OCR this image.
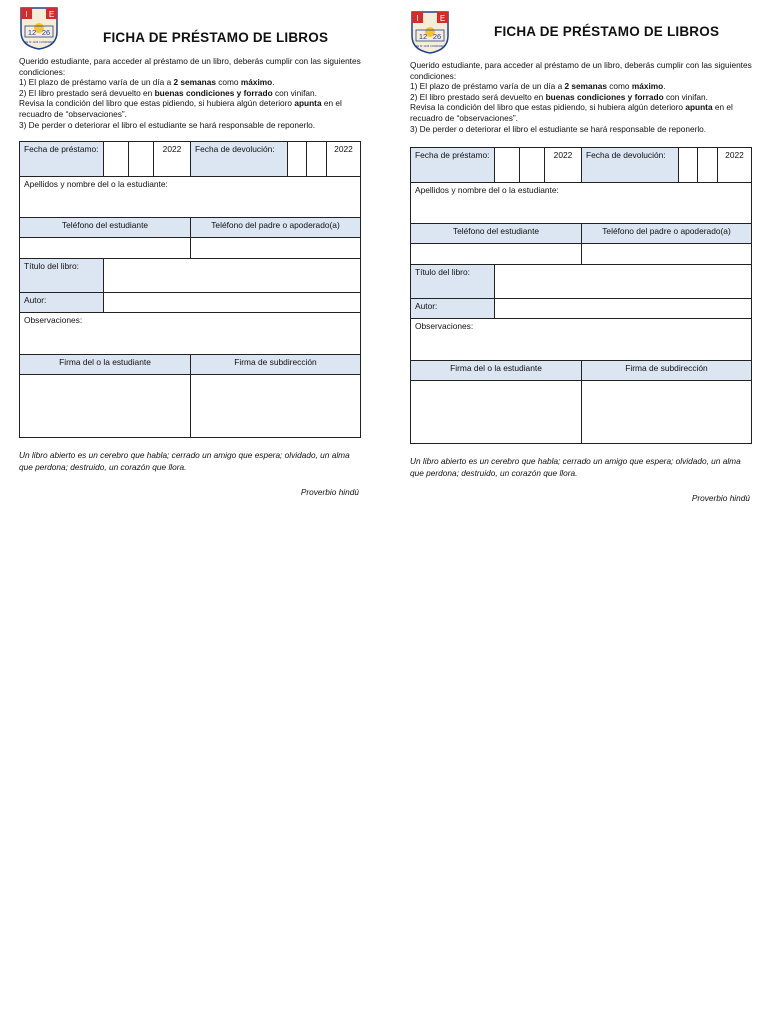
I	E
12 26
IEE Nº 1226 CONDORES	FICHA DE PRÉSTAMO DE LIBROS

Querido estudiante, para acceder al préstamo de un libro, deberás cumplir con las siguientes condiciones:

1) El plazo de préstamo varía de un día a 2 semanas como máximo.

2) El libro prestado será devuelto en buenas condiciones y forrado con vinifan.

Revisa la condición del libro que estas pidiendo, si hubiera algún deterioro apunta en el recuadro de “observaciones”.

3) De perder o deteriorar el libro el estudiante se hará responsable de reponerlo.

Fecha de préstamo:			2022	Fecha de devolución:			2022
Apellidos y nombre del o la estudiante:							
Teléfono del estudiante				Teléfono del padre o apoderado(a)			

Título del libro:							
Autor:							
Observaciones:							
Firma del o la estudiante				Firma de subdirección			

Un libro abierto es un cerebro que habla; cerrado un amigo que espera; olvidado, un alma que perdona; destruido, un corazón que llora.
Proverbio hindú
I	E
12 26
IEE Nº 1226 CONDORES
FICHA DE PRÉSTAMO DE LIBROS

Querido estudiante, para acceder al préstamo de un libro, deberás cumplir con las siguientes condiciones:

1) El plazo de préstamo varía de un día a 2 semanas como máximo.

2) El libro prestado será devuelto en buenas condiciones y forrado con vinifan.

Revisa la condición del libro que estas pidiendo, si hubiera algún deterioro apunta en el recuadro de “observaciones”.

3) De perder o deteriorar el libro el estudiante se hará responsable de reponerlo.

Fecha de préstamo:			2022	Fecha de devolución:			2022
Apellidos y nombre del o la estudiante:							
Teléfono del estudiante				Teléfono del padre o apoderado(a)			

Título del libro:							
Autor:							
Observaciones:							
Firma del o la estudiante				Firma de subdirección			

Un libro abierto es un cerebro que habla; cerrado un amigo que espera; olvidado, un alma que perdona; destruido, un corazón que llora.
Proverbio hindú
